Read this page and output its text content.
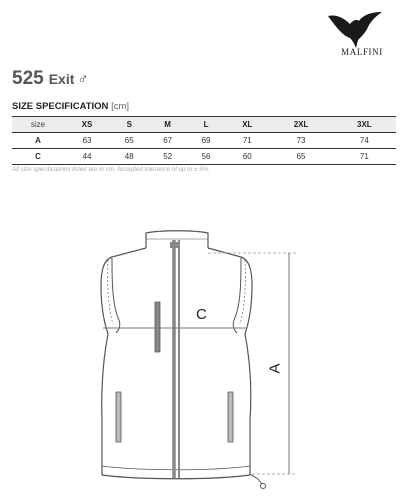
MALFINI
525 Exit ♂
SIZE SPECIFICATION [cm]
size	XS	S	M	L	XL	2XL	3XL
A	63	65	67	69	71	73	74
C	44	48	52	56	60	65	71
All size specifications listed are in cm. Accepted tolerance of up to ± 5%.
C
A
